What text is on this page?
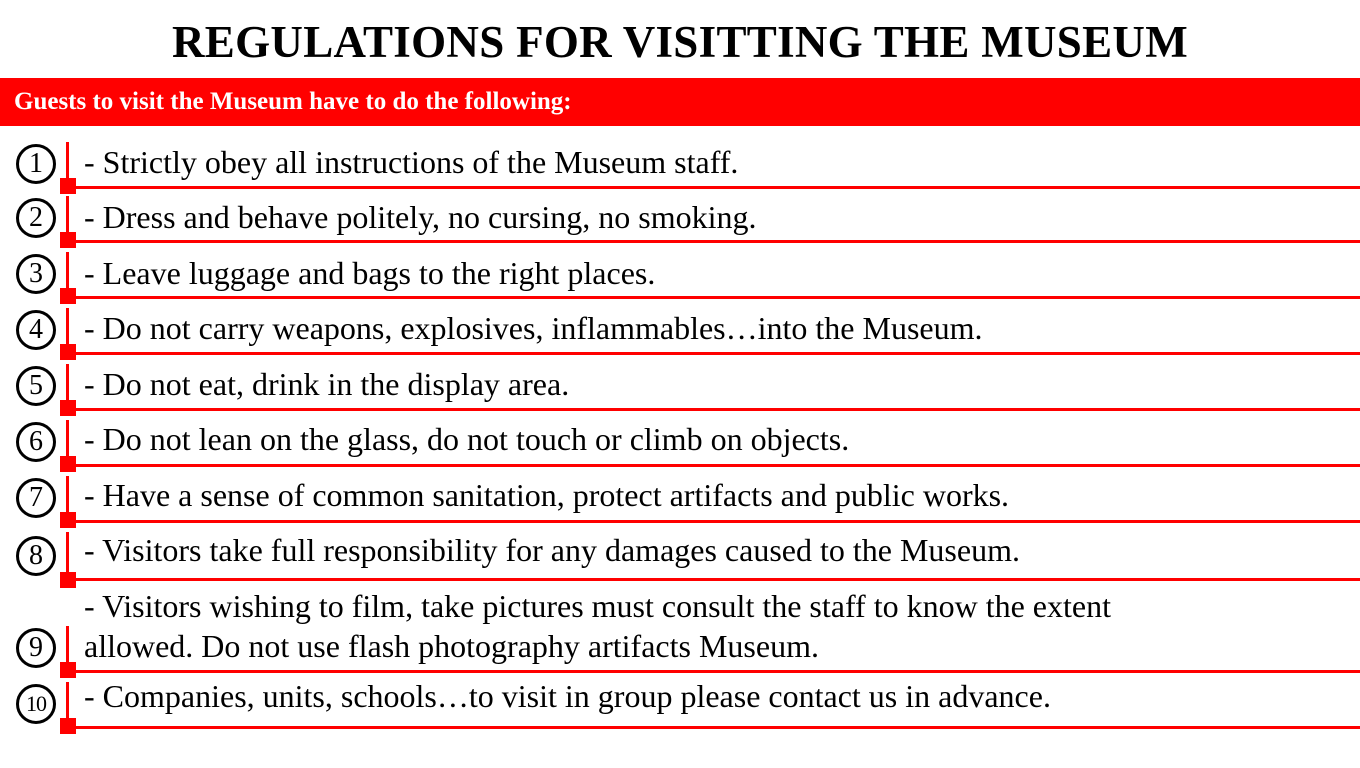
REGULATIONS FOR VISITTING THE MUSEUM
Guests to visit the Museum have to do the following:
1	- Strictly obey all instructions of the Museum staff.
2	- Dress and behave politely, no cursing, no smoking.
3	- Leave luggage and bags to the right places.
4	- Do not carry weapons, explosives, inflammables…into the Museum.
5	- Do not eat, drink in the display area.
6	- Do not lean on the glass, do not touch or climb on objects.
7	- Have a sense of common sanitation, protect artifacts and public works.
8	- Visitors take full responsibility for any damages caused to the Museum.
9
- Visitors wishing to film, take pictures must consult the staff to know the extent
allowed. Do not use flash photography artifacts Museum.
10	- Companies, units, schools…to visit in group please contact us in advance.
